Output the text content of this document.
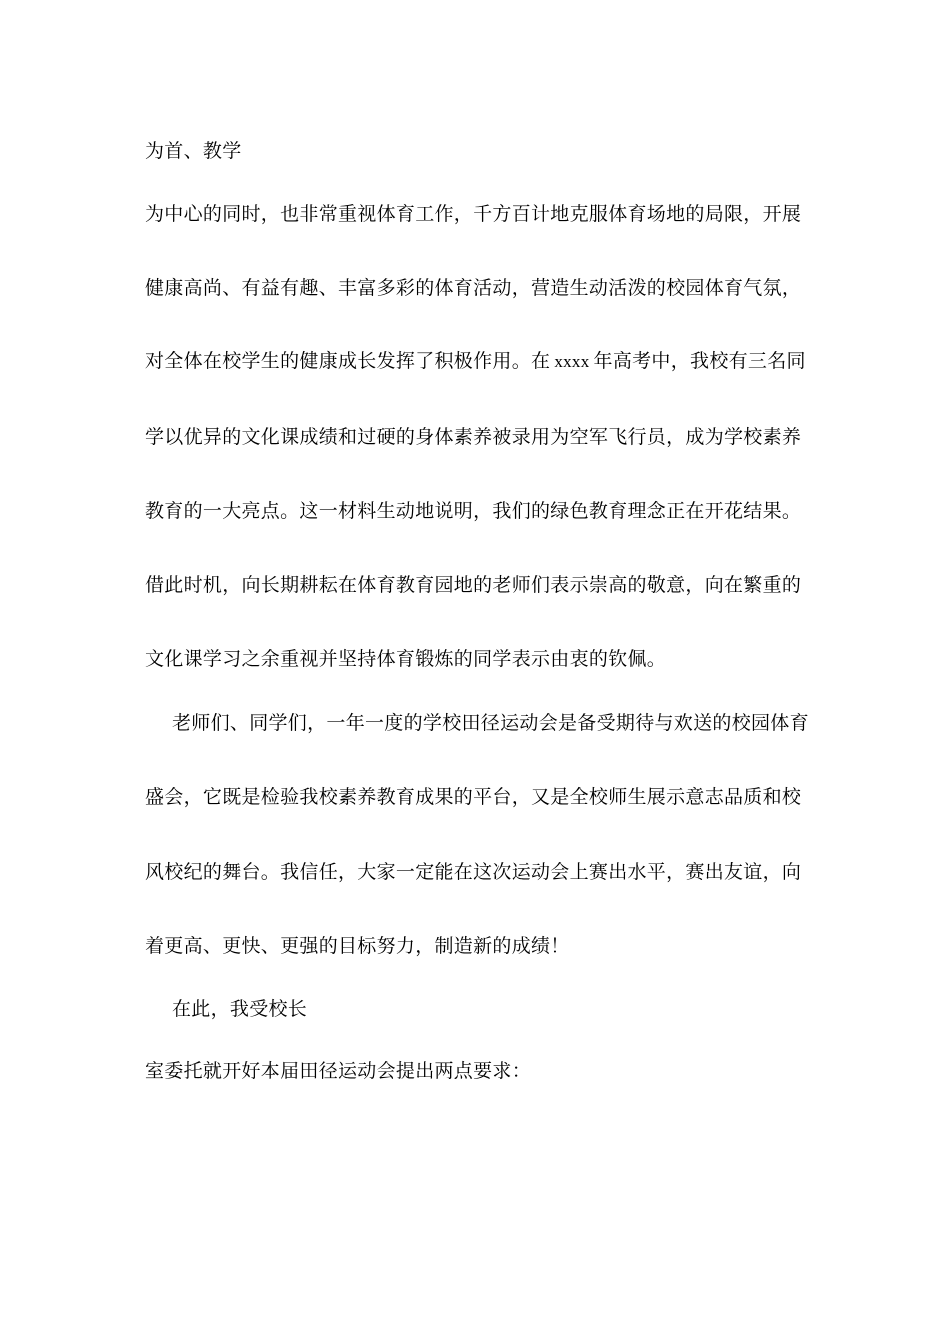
为首、教学
为中心的同时，也非常重视体育工作，千方百计地克服体育场地的局限，开展
健康高尚、有益有趣、丰富多彩的体育活动，营造生动活泼的校园体育气氛，
对全体在校学生的健康成长发挥了积极作用。在 xxxx 年高考中，我校有三名同
学以优异的文化课成绩和过硬的身体素养被录用为空军飞行员，成为学校素养
教育的一大亮点。这一材料生动地说明，我们的绿色教育理念正在开花结果。
借此时机，向长期耕耘在体育教育园地的老师们表示崇高的敬意，向在繁重的
文化课学习之余重视并坚持体育锻炼的同学表示由衷的钦佩。
老师们、同学们，一年一度的学校田径运动会是备受期待与欢送的校园体育
盛会，它既是检验我校素养教育成果的平台，又是全校师生展示意志品质和校
风校纪的舞台。我信任，大家一定能在这次运动会上赛出水平，赛出友谊，向
着更高、更快、更强的目标努力，制造新的成绩！
在此，我受校长
室委托就开好本届田径运动会提出两点要求：
